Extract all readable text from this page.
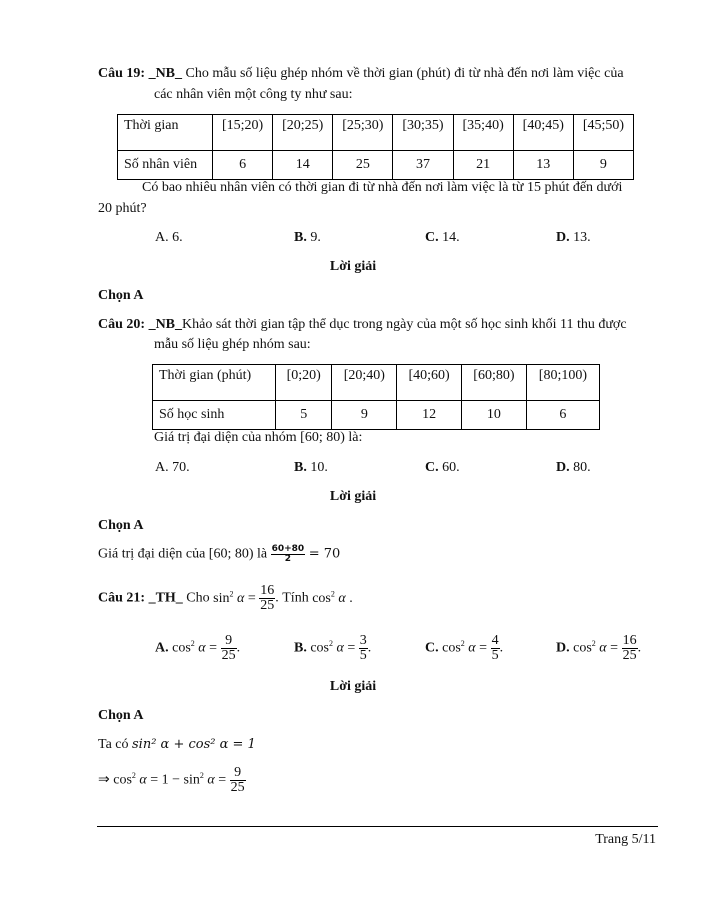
Câu 19: _NB_ Cho mẫu số liệu ghép nhóm về thời gian (phút) đi từ nhà đến nơi làm việc của
các nhân viên một công ty như sau:
Thời gian	[15;20)	[20;25)	[25;30)	[30;35)	[35;40)	[40;45)	[45;50)
Số nhân viên	6	14	25	37	21	13	9
Có bao nhiêu nhân viên có thời gian đi từ nhà đến nơi làm việc là từ 15 phút đến dưới
20 phút?
A. 6.	B. 9.	C. 14.	D. 13.
Lời giải
Chọn A
Câu 20: _NB_Khảo sát thời gian tập thể dục trong ngày của một số học sinh khối 11 thu được
mẫu số liệu ghép nhóm sau:
Thời gian (phút)	[0;20)	[20;40)	[40;60)	[60;80)	[80;100)
Số học sinh	5	9	12	10	6
Giá trị đại diện của nhóm [60; 80) là:
A. 70.	B. 10.	C. 60.	D. 80.
Lời giải
Chọn A
Giá trị đại diện của [60; 80) là $\frac{60+80}{2} = 70$
Câu 21: _TH_ Cho $\sin^2 \alpha = \frac{16}{25}$ . Tính $\cos^2 \alpha$ .
A. $\cos^2 \alpha = \frac{9}{25}$ .	B. $\cos^2 \alpha = \frac{3}{5}$ .	C. $\cos^2 \alpha = \frac{4}{5}$ .	D. $\cos^2 \alpha = \frac{16}{25}$ .
Lời giải
Chọn A
Ta có sin² α + cos² α = 1
⇒ $\cos^2 \alpha = 1 - \sin^2 \alpha = \frac{9}{25}$
Trang 5/11
